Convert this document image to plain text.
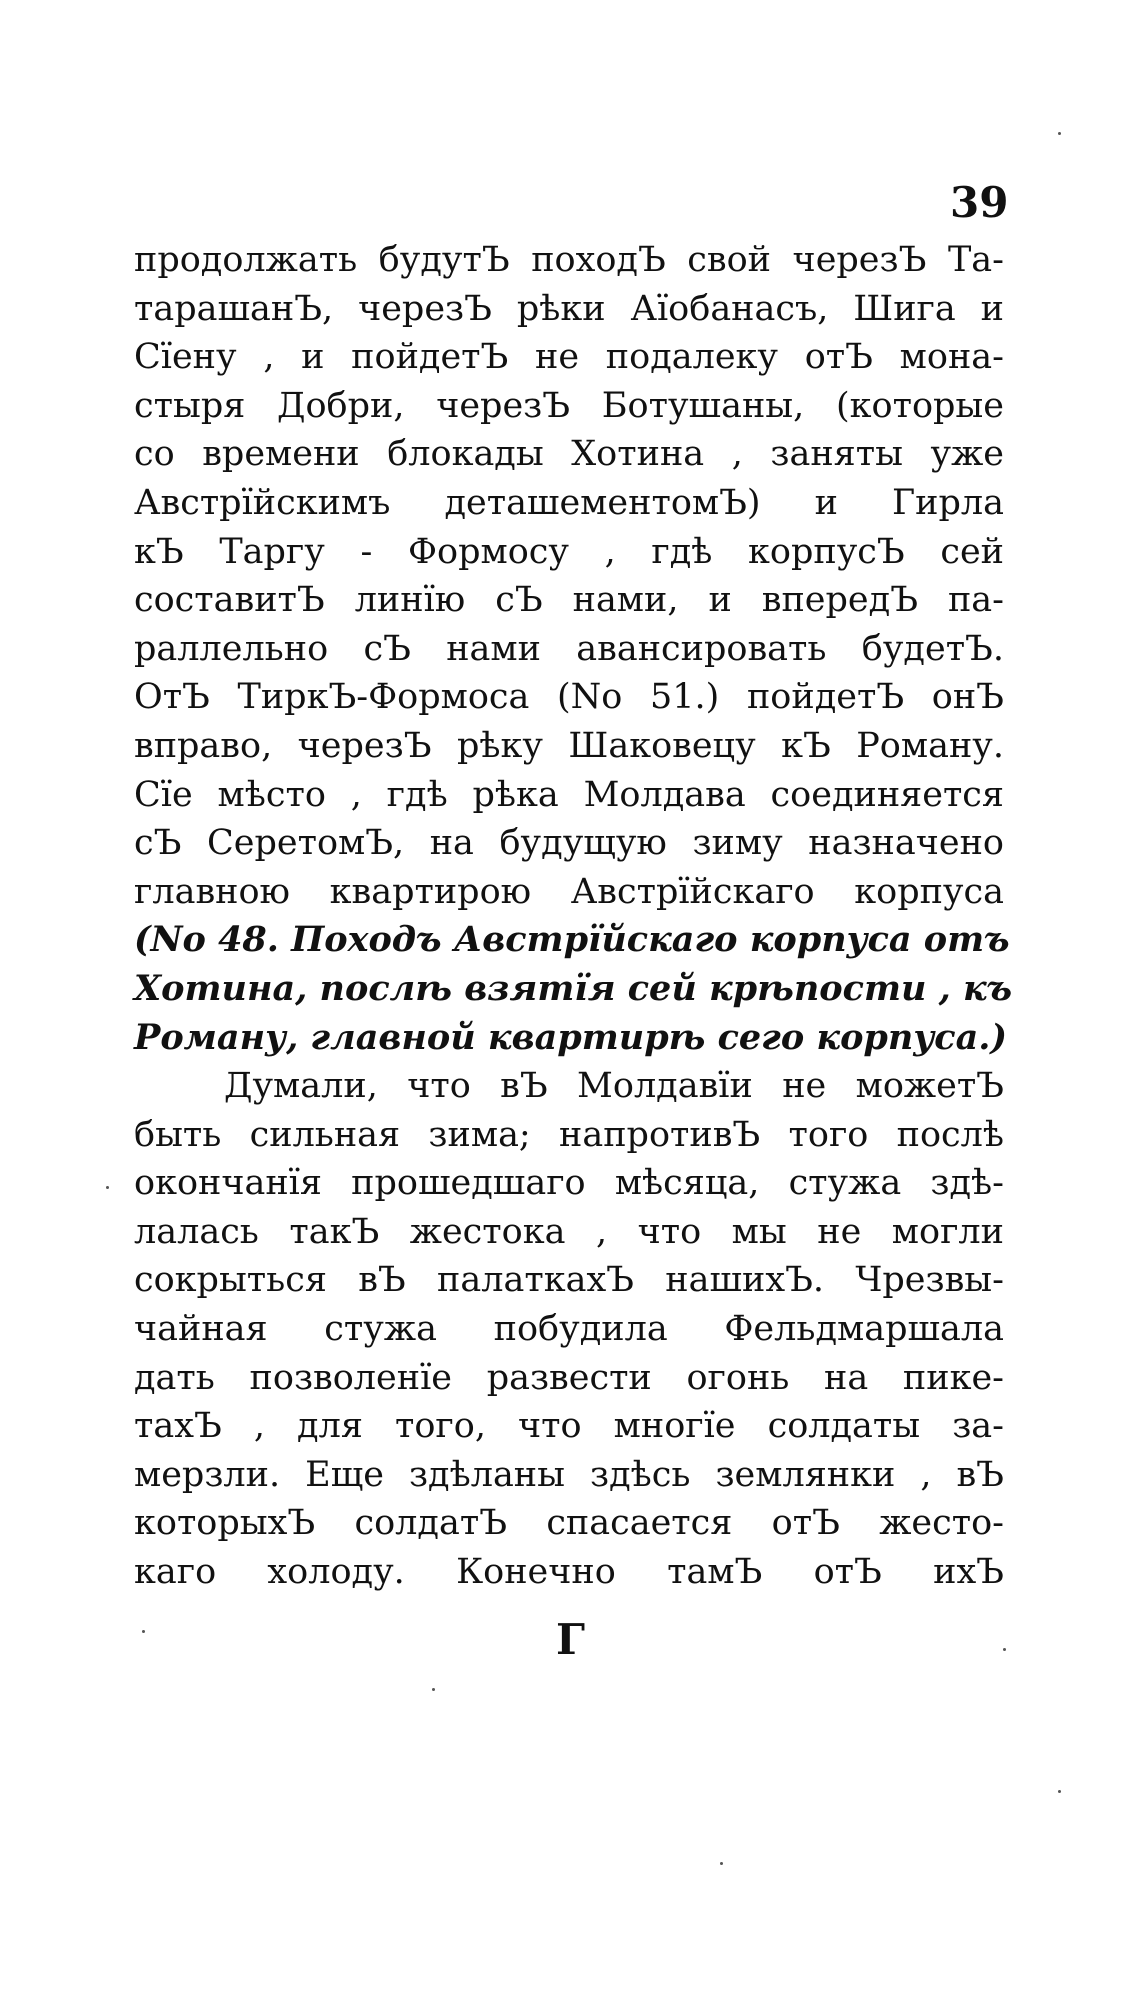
39
продолжать будутЪ походЪ свой черезЪ Та-
тарашанЪ, черезЪ рѣки Аїобанасъ, Шига и
Сїену , и пойдетЪ не подалеку отЪ мона-
стыря Добри, черезЪ Ботушаны, (которые
со времени блокады Хотина , заняты уже
Австрїйскимъ деташементомЪ) и Гирла
кЪ Таргу - Формосу , гдѣ корпусЪ сей
составитЪ линїю сЪ нами, и впередЪ па-
раллельно сЪ нами авансировать будетЪ.
ОтЪ ТиркЪ-Формоса (No 51.) пойдетЪ онЪ
вправо, черезЪ рѣку Шаковецу кЪ Роману.
Сїе мѣсто , гдѣ рѣка Молдава соединяется
сЪ СеретомЪ, на будущую зиму назначено
главною квартирою Австрїйскаго корпуса
(No 48. Походъ Австрїйскаго корпуса отъ
Хотина, послѣ взятїя сей крѣпости , къ
Роману, главной квартирѣ сего корпуса.)
Думали, что вЪ Молдавїи не можетЪ
быть сильная зима; напротивЪ того послѣ
окончанїя прошедшаго мѣсяца, стужа здѣ-
лалась такЪ жестока , что мы не могли
сокрыться вЪ палаткахЪ нашихЪ. Чрезвы-
чайная стужа побудила Фельдмаршала
дать позволенїе развести огонь на пике-
тахЪ , для того, что многїе солдаты за-
мерзли. Еще здѣланы здѣсь землянки , вЪ
которыхЪ солдатЪ спасается отЪ жесто-
каго холоду. Конечно тамЪ отЪ ихЪ
Г
